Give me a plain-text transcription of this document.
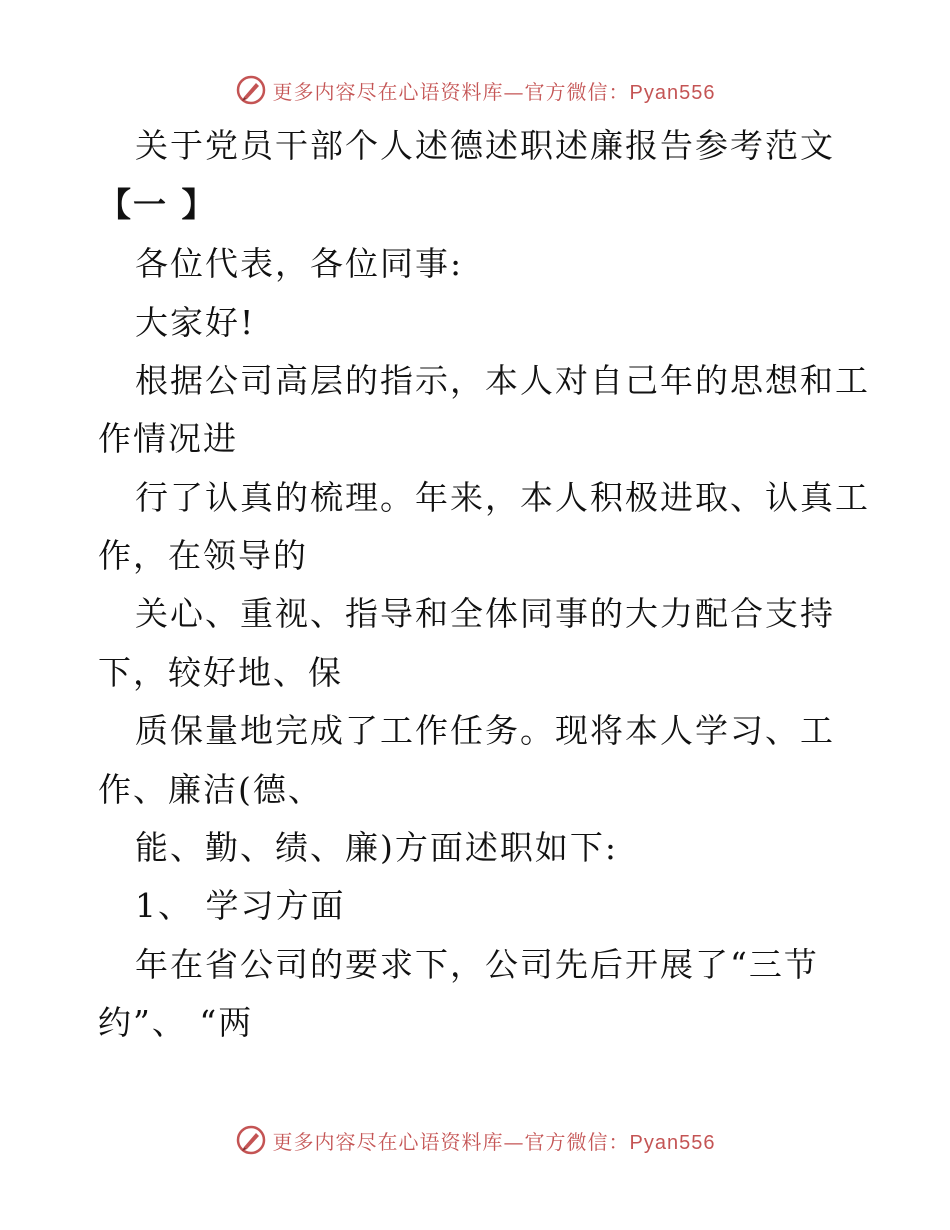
更多内容尽在心语资料库—官方微信：Pyan556
关于党员干部个人述德述职述廉报告参考范文
【一 】
各位代表，各位同事:
大家好!
根据公司高层的指示，本人对自己年的思想和工
作情况进
行了认真的梳理。年来，本人积极进取、认真工
作，在领导的
关心、重视、指导和全体同事的大力配合支持
下，较好地、保
质保量地完成了工作任务。现将本人学习、工
作、廉洁(德、
能、勤、绩、廉)方面述职如下:
1、 学习方面
年在省公司的要求下，公司先后开展了“三节
约”、 “两
更多内容尽在心语资料库—官方微信：Pyan556
